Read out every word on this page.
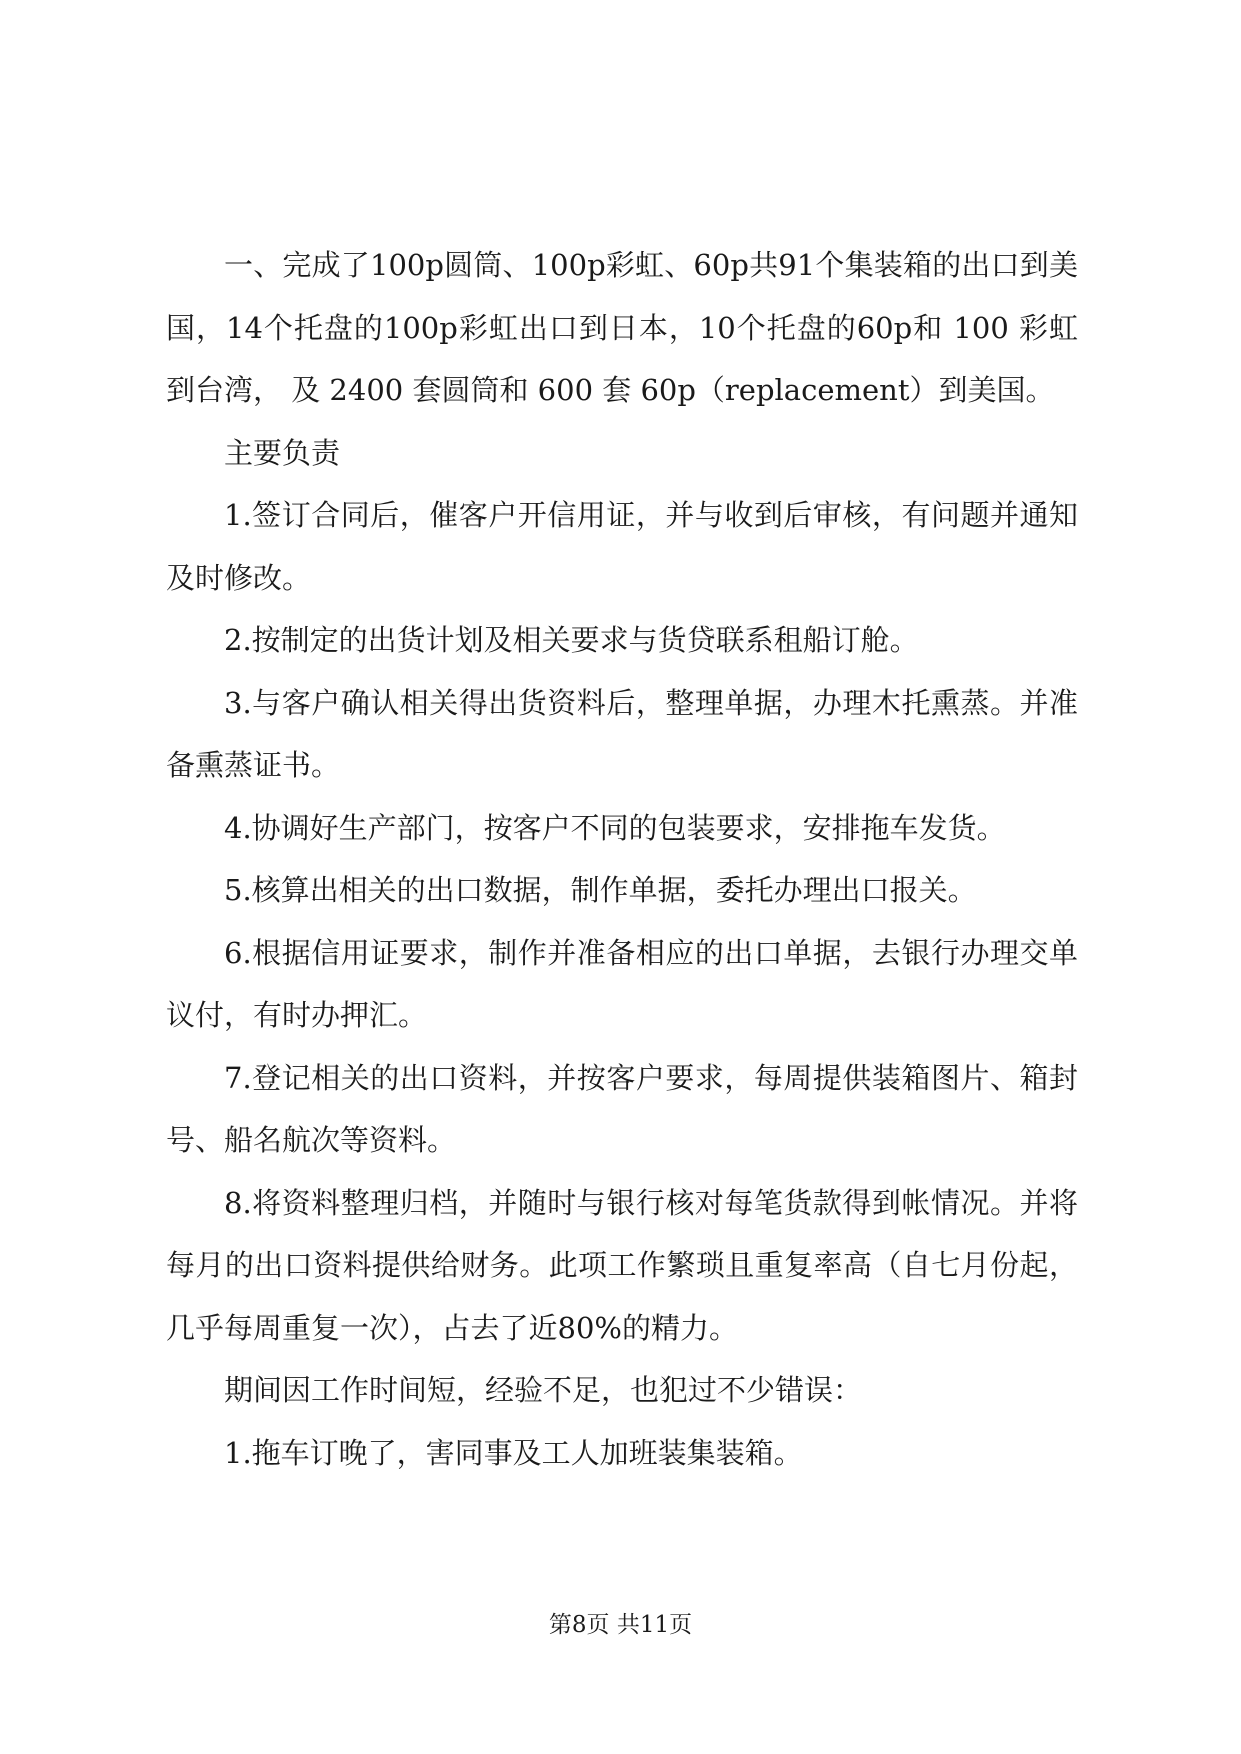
一、完成了100p圆筒、100p彩虹、60p共91个集装箱的出口到美国，14个托盘的100p彩虹出口到日本，10个托盘的60p和 100 彩虹到台湾， 及 2400 套圆筒和 600 套 60p（replacement）到美国。

主要负责

1.签订合同后，催客户开信用证，并与收到后审核，有问题并通知及时修改。

2.按制定的出货计划及相关要求与货贷联系租船订舱。

3.与客户确认相关得出货资料后，整理单据，办理木托熏蒸。并准备熏蒸证书。

4.协调好生产部门，按客户不同的包装要求，安排拖车发货。

5.核算出相关的出口数据，制作单据，委托办理出口报关。

6.根据信用证要求，制作并准备相应的出口单据，去银行办理交单议付，有时办押汇。

7.登记相关的出口资料，并按客户要求，每周提供装箱图片、箱封号、船名航次等资料。

8.将资料整理归档，并随时与银行核对每笔货款得到帐情况。并将每月的出口资料提供给财务。此项工作繁琐且重复率高（自七月份起，几乎每周重复一次），占去了近80%的精力。

期间因工作时间短，经验不足，也犯过不少错误：

1.拖车订晚了，害同事及工人加班装集装箱。

第8页 共11页
